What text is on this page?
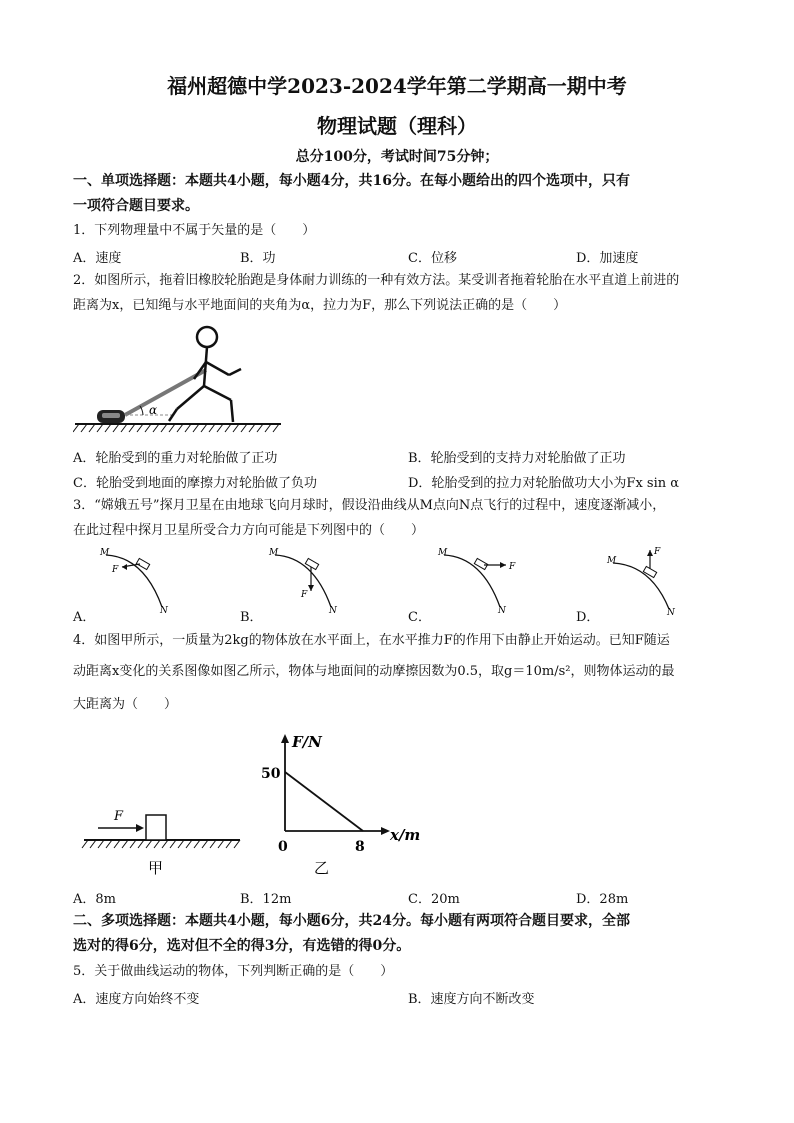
福州超德中学2023-2024学年第二学期高一期中考
物理试题（理科）
总分100分，考试时间75分钟；
一、单项选择题：本题共4小题，每小题4分，共16分。在每小题给出的四个选项中，只有
一项符合题目要求。
1．下列物理量中不属于矢量的是（　　）
A．速度	B．功	C．位移	D．加速度
2．如图所示，拖着旧橡胶轮胎跑是身体耐力训练的一种有效方法。某受训者拖着轮胎在水平直道上前进的
距离为x，已知绳与水平地面间的夹角为α，拉力为F，那么下列说法正确的是（　　）
α
A．轮胎受到的重力对轮胎做了正功	B．轮胎受到的支持力对轮胎做了正功
C．轮胎受到地面的摩擦力对轮胎做了负功	D．轮胎受到的拉力对轮胎做功大小为Fx sin α
3．“嫦娥五号”探月卫星在由地球飞向月球时，假设沿曲线从M点向N点飞行的过程中，速度逐渐减小，
在此过程中探月卫星所受合力方向可能是下列图中的（　　）
M
N
F
A．
M
N
F
B．
M
N
F
C．
M
N
F
D．
4．如图甲所示，一质量为2kg的物体放在水平面上，在水平推力F的作用下由静止开始运动。已知F随运
动距离x变化的关系图像如图乙所示，物体与地面间的动摩擦因数为0.5，取g＝10m/s²，则物体运动的最
大距离为（　　）
F
甲
F/N
x/m
50
0	8
乙
A．8m	B．12m	C．20m	D．28m
二、多项选择题：本题共4小题，每小题6分，共24分。每小题有两项符合题目要求，全部
选对的得6分，选对但不全的得3分，有选错的得0分。
5．关于做曲线运动的物体，下列判断正确的是（　　）
A．速度方向始终不变	B．速度方向不断改变
